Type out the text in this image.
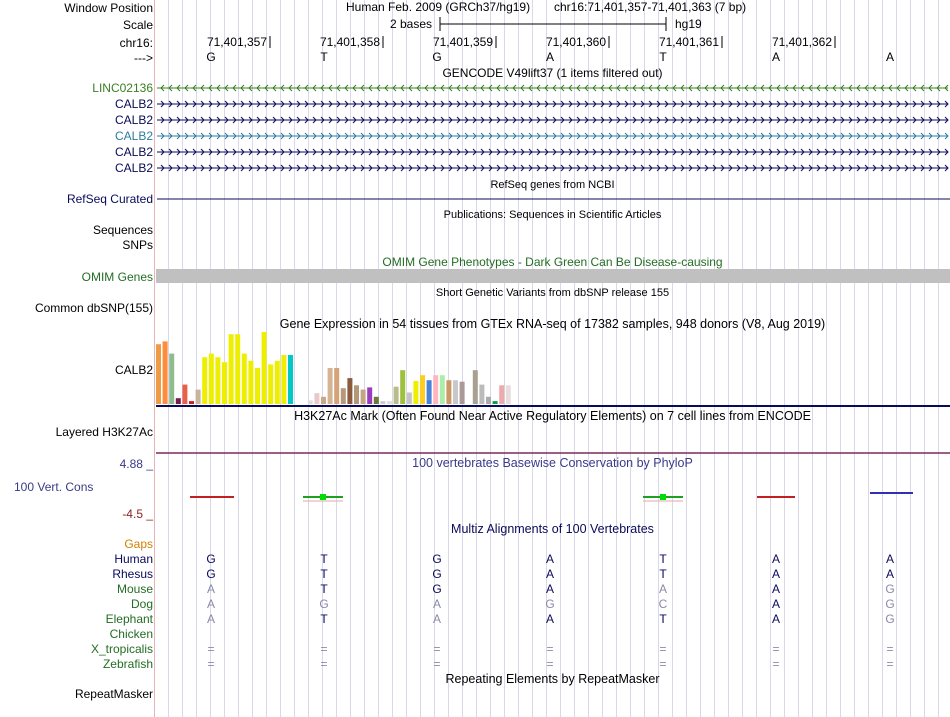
Window Position	Human Feb. 2009 (GRCh37/hg19) chr16:71,401,357-71,401,363 (7 bp)
Scale	2 bases	hg19
chr16:
--->
GENCODE V49lift37 (1 items filtered out)
RefSeq genes from NCBI
RefSeq Curated
Publications: Sequences in Scientific Articles
Sequences
SNPs
OMIM Gene Phenotypes - Dark Green Can Be Disease-causing
OMIM Genes
Short Genetic Variants from dbSNP release 155
Common dbSNP(155)
Gene Expression in 54 tissues from GTEx RNA-seq of 17382 samples, 948 donors (V8, Aug 2019)
CALB2
H3K27Ac Mark (Often Found Near Active Regulatory Elements) on 7 cell lines from ENCODE
Layered H3K27Ac
100 vertebrates Basewise Conservation by PhyloP
4.88 _
100 Vert. Cons
-4.5 _
Multiz Alignments of 100 Vertebrates
Gaps
Repeating Elements by RepeatMasker
RepeatMasker
71,401,357	71,401,358	71,401,359	71,401,360	71,401,361	71,401,362
G	T	G	A	T	A	A
LINC02136
CALB2
CALB2
CALB2
CALB2
CALB2
Human	G	T	G	A	T	A	A
Rhesus	G	T	G	A	T	A	A
Mouse	A	T	G	A	A	A	G
Dog	A	G	A	G	C	A	G
Elephant	A	T	A	A	T	A	G
Chicken
X_tropicalis	=	=	=	=	=	=	=
Zebrafish	=	=	=	=	=	=	=
